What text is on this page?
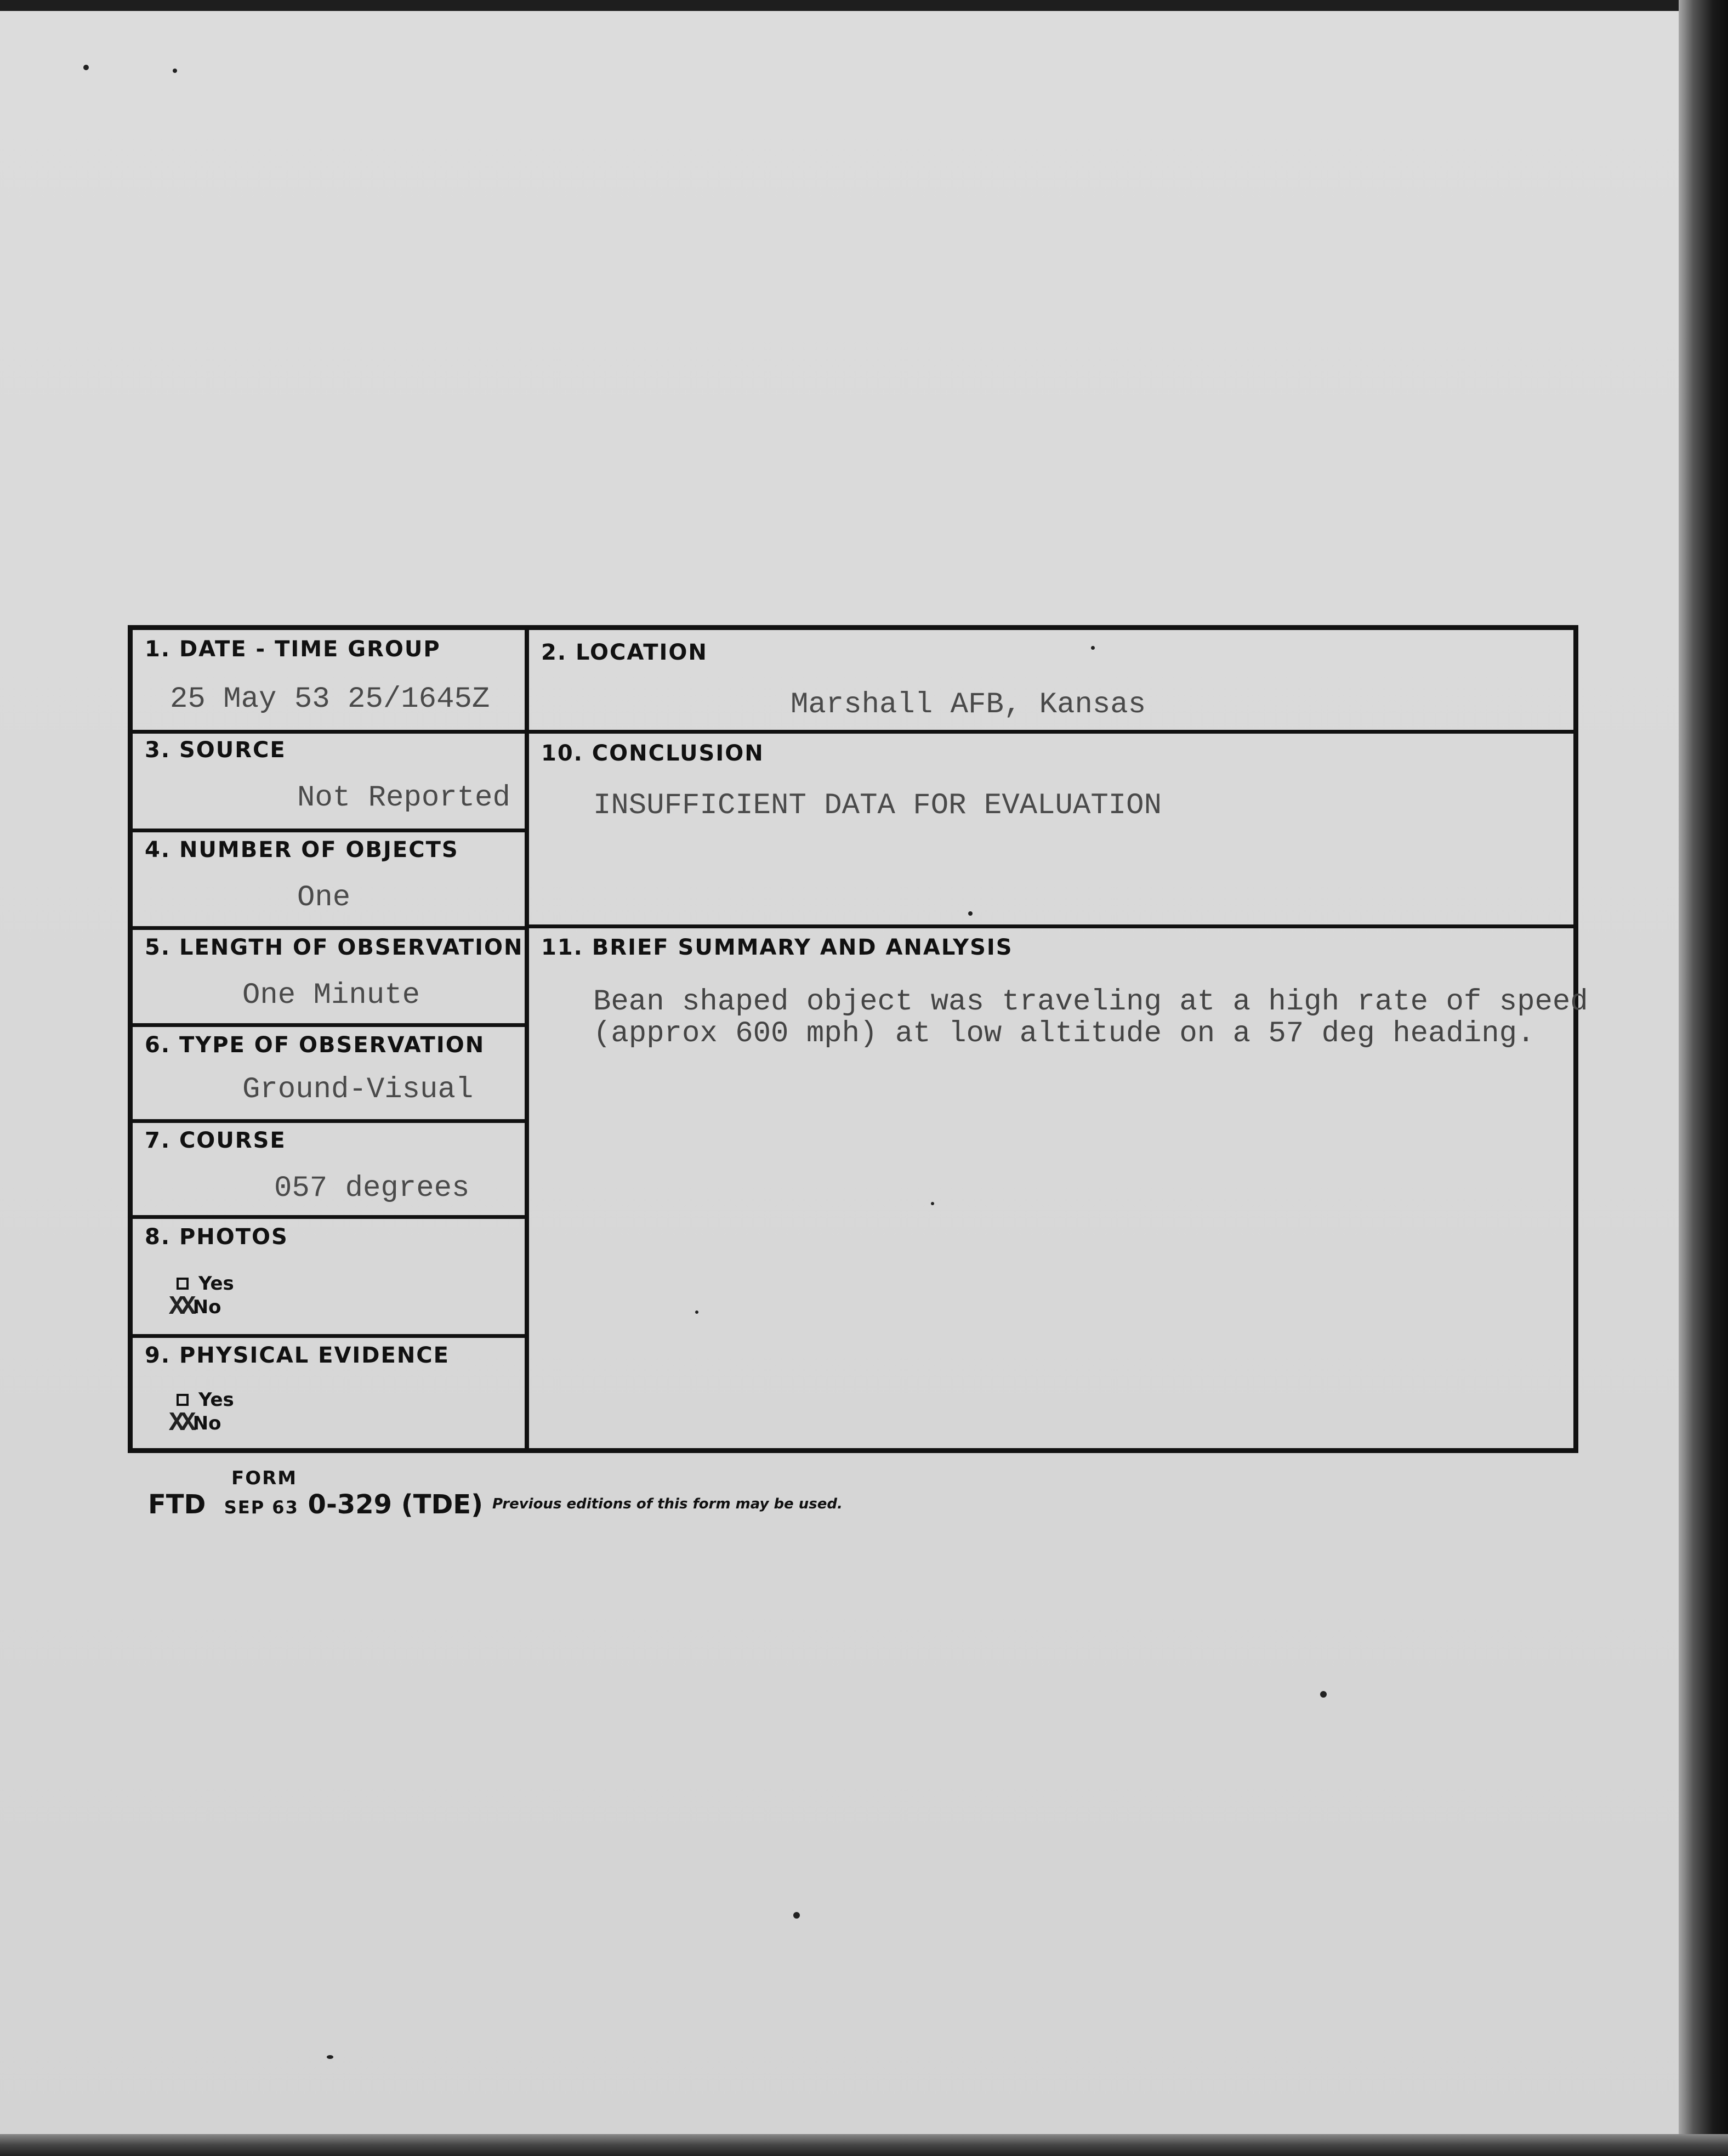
1. DATE - TIME GROUP
25 May 53 25/1645Z
2. LOCATION
Marshall AFB, Kansas
3. SOURCE
Not Reported
10. CONCLUSION
INSUFFICIENT DATA FOR EVALUATION
4. NUMBER OF OBJECTS
One
5. LENGTH OF OBSERVATION
One Minute
11. BRIEF SUMMARY AND ANALYSIS
Bean shaped object was traveling at a high rate of speed
(approx 600 mph) at low altitude on a 57 deg heading.
6. TYPE OF OBSERVATION
Ground-Visual
7. COURSE
057 degrees
8. PHOTOS
Yes
XX No
9. PHYSICAL EVIDENCE
Yes
XX No
FORM
FTD SEP 63 0-329 (TDE) Previous editions of this form may be used.
